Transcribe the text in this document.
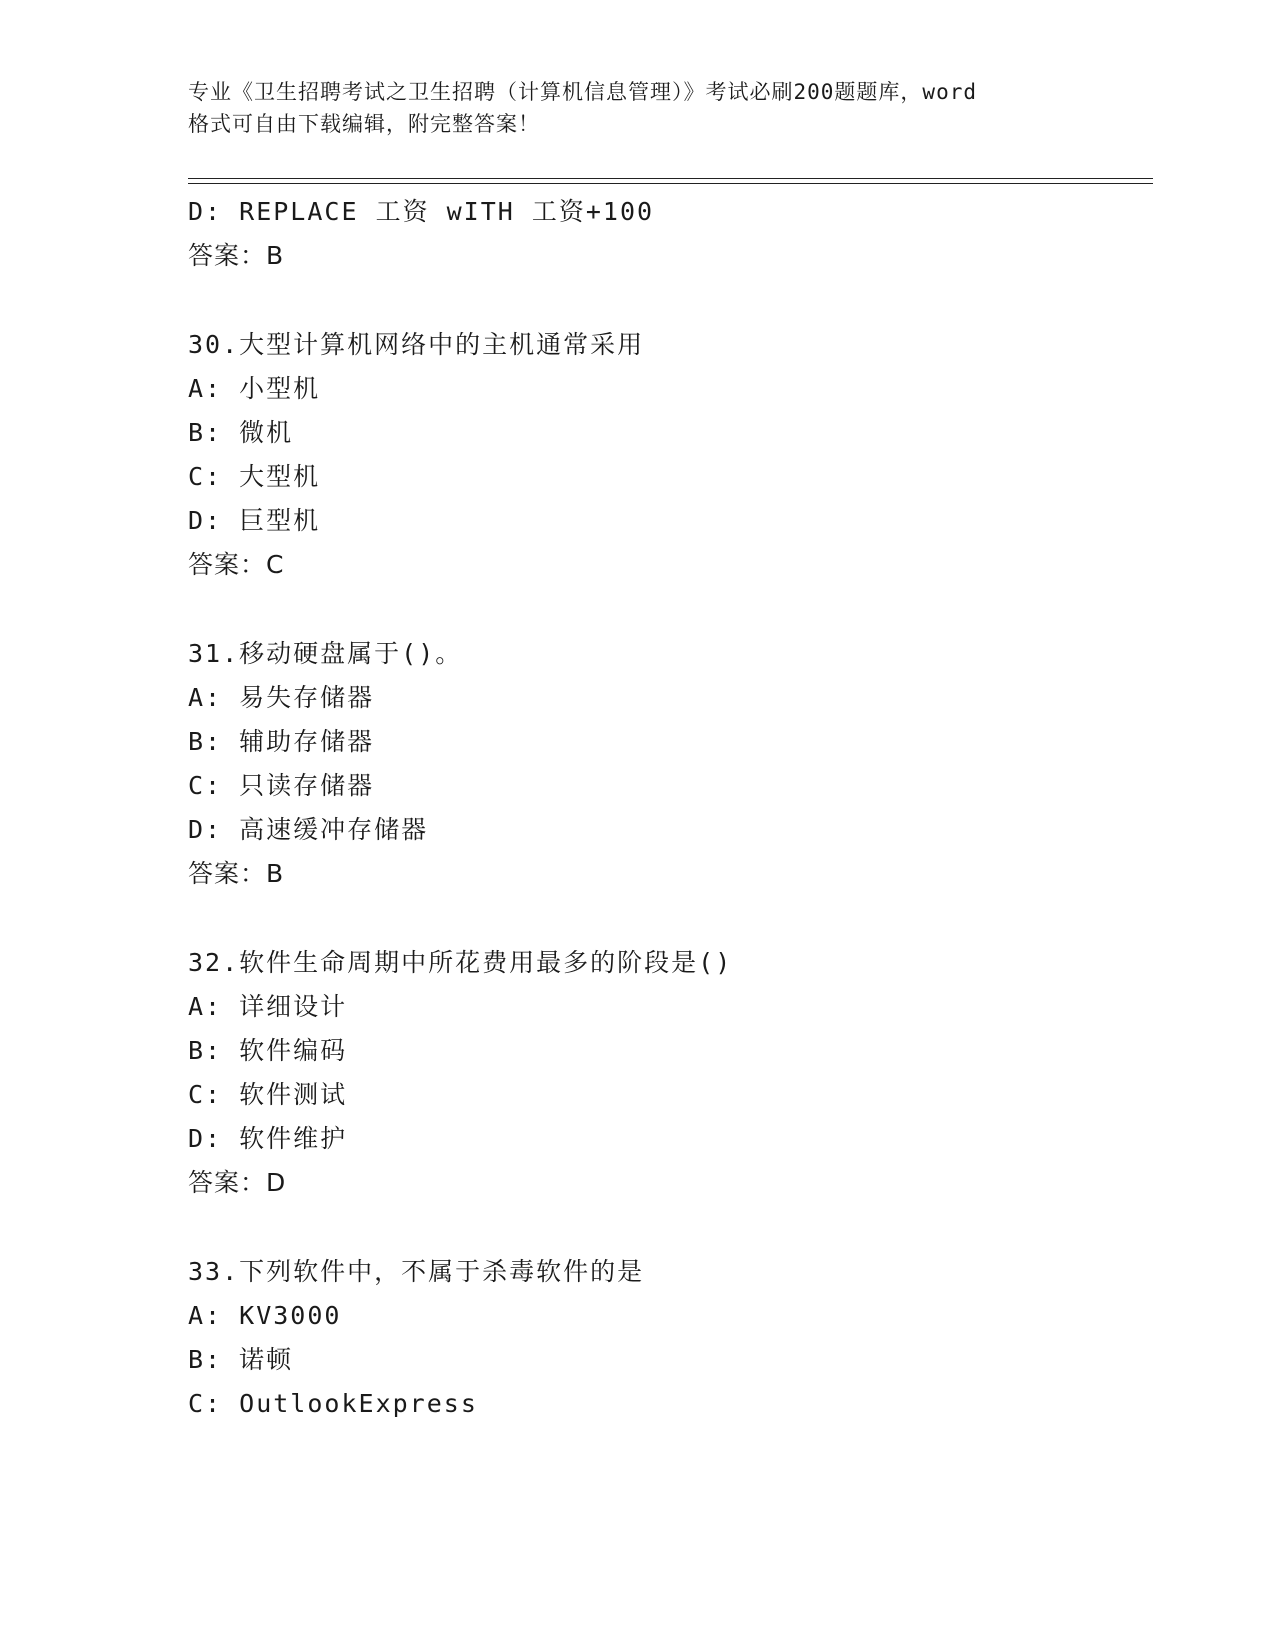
专业《卫生招聘考试之卫生招聘（计算机信息管理）》考试必刷200题题库，word
格式可自由下载编辑，附完整答案！
D: REPLACE 工资 wITH 工资+100
答案：B
30.大型计算机网络中的主机通常采用
A: 小型机
B: 微机
C: 大型机
D: 巨型机
答案：C
31.移动硬盘属于()。
A: 易失存储器
B: 辅助存储器
C: 只读存储器
D: 高速缓冲存储器
答案：B
32.软件生命周期中所花费用最多的阶段是()
A: 详细设计
B: 软件编码
C: 软件测试
D: 软件维护
答案：D
33.下列软件中，不属于杀毒软件的是
A: KV3000
B: 诺顿
C: OutlookExpress
